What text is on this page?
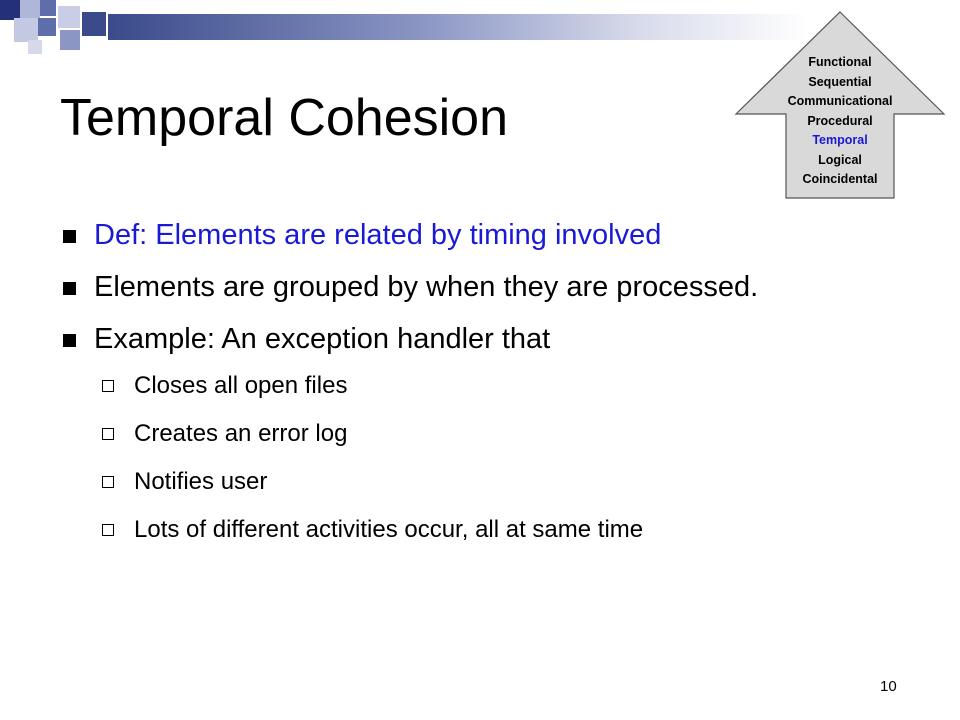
Temporal Cohesion
Functional
Sequential
Communicational
Procedural
Temporal
Logical
Coincidental
Def: Elements are related by timing involved
Elements are grouped by when they are processed.
Example: An exception handler that
Closes all open files
Creates an error log
Notifies user
Lots of different activities occur, all at same time
10
